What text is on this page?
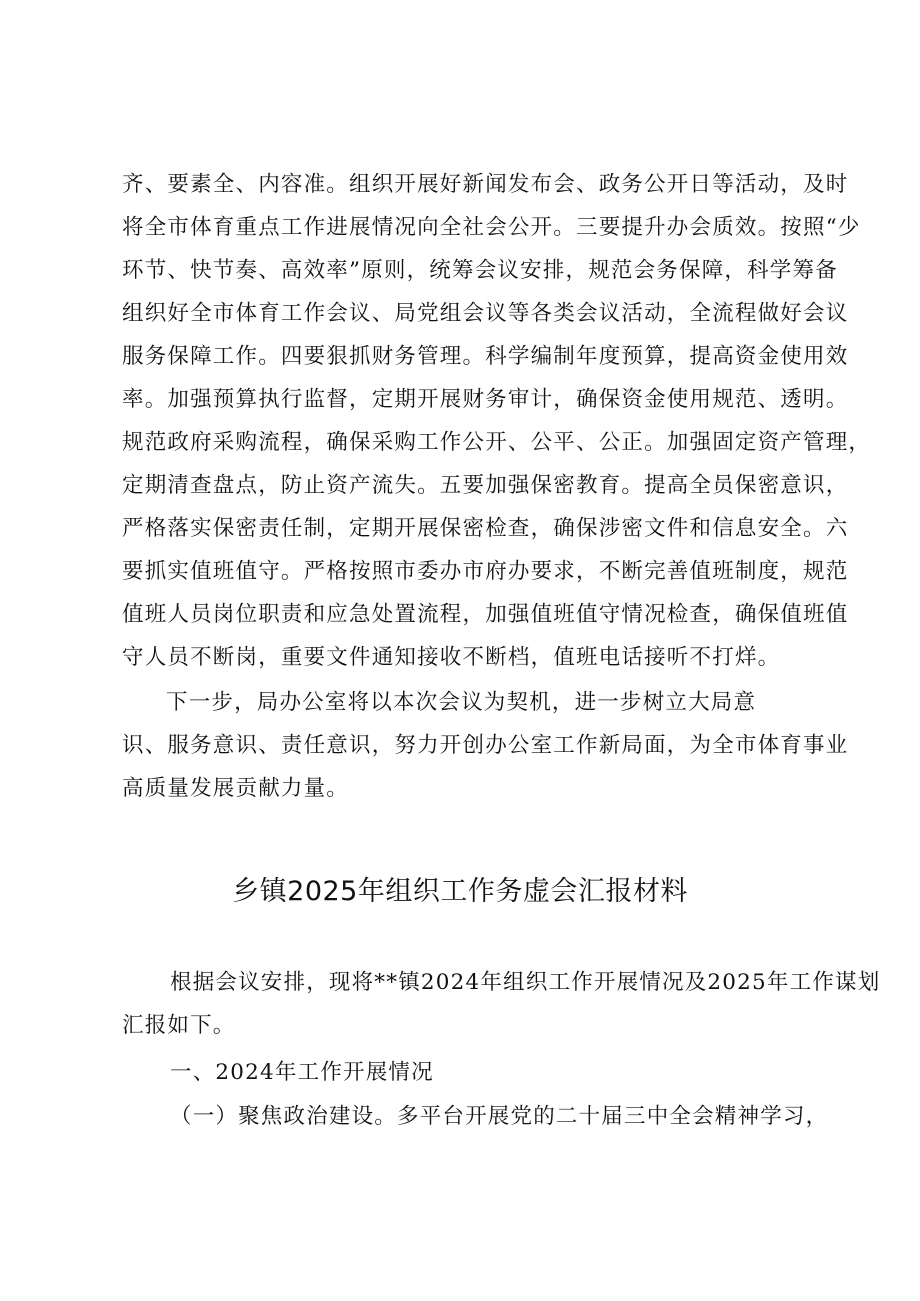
齐、要素全、内容准。组织开展好新闻发布会、政务公开日等活动，及时
将全市体育重点工作进展情况向全社会公开。三要提升办会质效。按照“少
环节、快节奏、高效率”原则，统筹会议安排，规范会务保障，科学筹备
组织好全市体育工作会议、局党组会议等各类会议活动，全流程做好会议
服务保障工作。四要狠抓财务管理。科学编制年度预算，提高资金使用效
率。加强预算执行监督，定期开展财务审计，确保资金使用规范、透明。
规范政府采购流程，确保采购工作公开、公平、公正。加强固定资产管理，
定期清查盘点，防止资产流失。五要加强保密教育。提高全员保密意识，
严格落实保密责任制，定期开展保密检查，确保涉密文件和信息安全。六
要抓实值班值守。严格按照市委办市府办要求，不断完善值班制度，规范
值班人员岗位职责和应急处置流程，加强值班值守情况检查，确保值班值
守人员不断岗，重要文件通知接收不断档，值班电话接听不打烊。
下一步，局办公室将以本次会议为契机，进一步树立大局意
识、服务意识、责任意识，努力开创办公室工作新局面，为全市体育事业
高质量发展贡献力量。
乡镇2025年组织工作务虚会汇报材料
根据会议安排，现将**镇2024年组织工作开展情况及2025年工作谋划
汇报如下。
一、2024年工作开展情况
（一）聚焦政治建设。多平台开展党的二十届三中全会精神学习，
